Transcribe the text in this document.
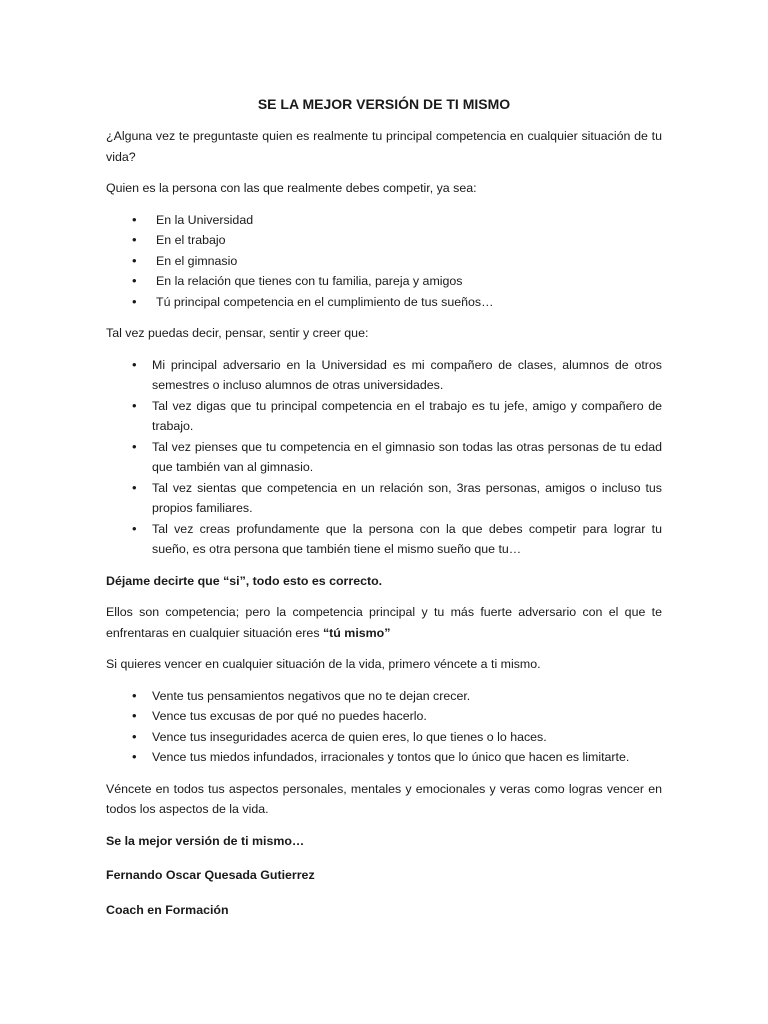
SE LA MEJOR VERSIÓN DE TI MISMO

¿Alguna vez te preguntaste quien es realmente tu principal competencia en cualquier situación de tu vida?

Quien es la persona con las que realmente debes competir, ya sea:

• En la Universidad
• En el trabajo
• En el gimnasio
• En la relación que tienes con tu familia, pareja y amigos
• Tú principal competencia en el cumplimiento de tus sueños…

Tal vez puedas decir, pensar, sentir y creer que:

• Mi principal adversario en la Universidad es mi compañero de clases, alumnos de otros semestres o incluso alumnos de otras universidades.
• Tal vez digas que tu principal competencia en el trabajo es tu jefe, amigo y compañero de trabajo.
• Tal vez pienses que tu competencia en el gimnasio son todas las otras personas de tu edad que también van al gimnasio.
• Tal vez sientas que competencia en un relación son, 3ras personas, amigos o incluso tus propios familiares.
• Tal vez creas profundamente que la persona con la que debes competir para lograr tu sueño, es otra persona que también tiene el mismo sueño que tu…

Déjame decirte que “si”, todo esto es correcto.

Ellos son competencia; pero la competencia principal y tu más fuerte adversario con el que te enfrentaras en cualquier situación eres “tú mismo”

Si quieres vencer en cualquier situación de la vida, primero véncete a ti mismo.

• Vente tus pensamientos negativos que no te dejan crecer.
• Vence tus excusas de por qué no puedes hacerlo.
• Vence tus inseguridades acerca de quien eres, lo que tienes o lo haces.
• Vence tus miedos infundados, irracionales y tontos que lo único que hacen es limitarte.

Véncete en todos tus aspectos personales, mentales y emocionales y veras como logras vencer en todos los aspectos de la vida.

Se la mejor versión de ti mismo…

Fernando Oscar Quesada Gutierrez

Coach en Formación
